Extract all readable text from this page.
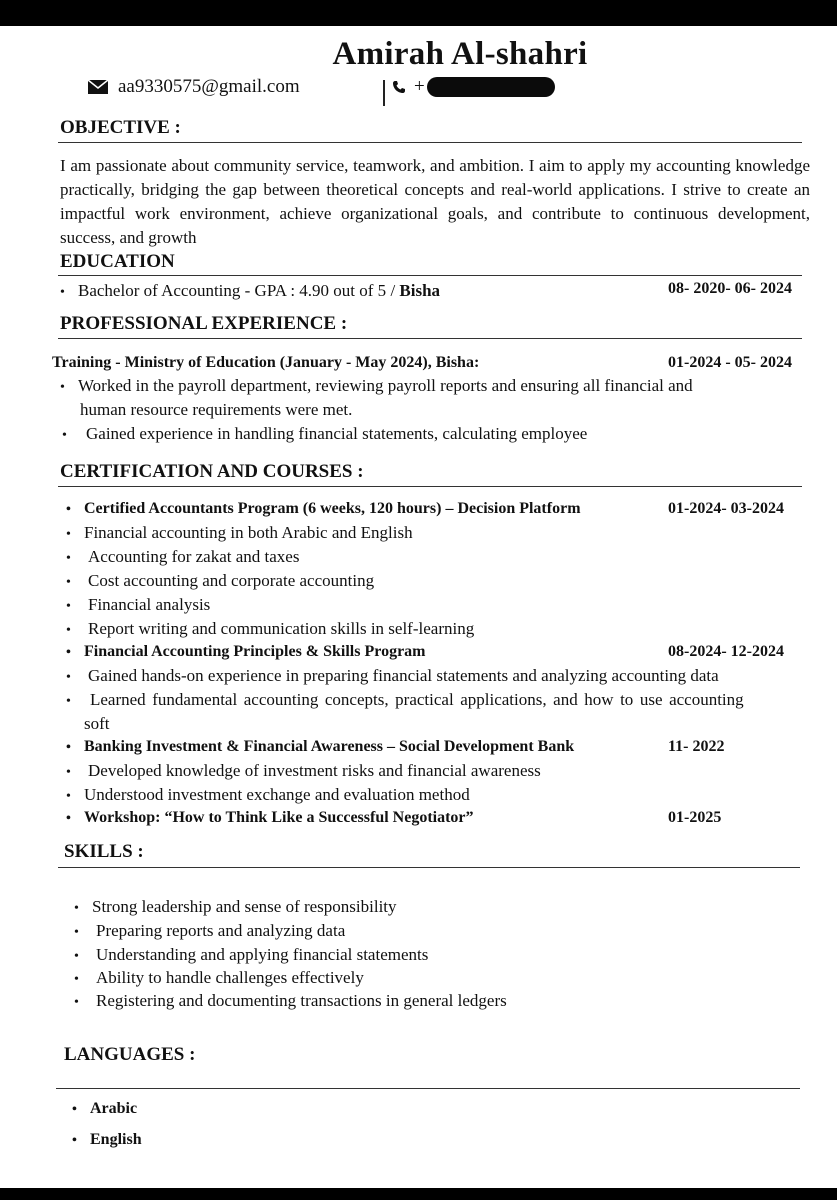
Amirah Al-shahri
aa9330575@gmail.com	+
OBJECTIVE :
I am passionate about community service, teamwork, and ambition. I aim to apply my accounting knowledge practically, bridging the gap between theoretical concepts and real-world applications. I strive to create an impactful work environment, achieve organizational goals, and contribute to continuous development, success, and growth
EDUCATION
• Bachelor of Accounting - GPA : 4.90 out of 5 / Bisha	08- 2020- 06- 2024
PROFESSIONAL EXPERIENCE :
Training - Ministry of Education (January - May 2024), Bisha:	01-2024 - 05- 2024
• Worked in the payroll department, reviewing payroll reports and ensuring all financial and
human resource requirements were met.
• Gained experience in handling financial statements, calculating employee
CERTIFICATION AND COURSES :
• Certified Accountants Program (6 weeks, 120 hours) – Decision Platform	01-2024- 03-2024
• Financial accounting in both Arabic and English
• Accounting for zakat and taxes
• Cost accounting and corporate accounting
• Financial analysis
• Report writing and communication skills in self-learning
• Financial Accounting Principles & Skills Program	08-2024- 12-2024
• Gained hands-on experience in preparing financial statements and analyzing accounting data
• Learned fundamental accounting concepts, practical applications, and how to use accounting
soft
• Banking Investment & Financial Awareness – Social Development Bank	11- 2022
• Developed knowledge of investment risks and financial awareness
• Understood investment exchange and evaluation method
• Workshop: “How to Think Like a Successful Negotiator”	01-2025
SKILLS :
• Strong leadership and sense of responsibility
• Preparing reports and analyzing data
• Understanding and applying financial statements
• Ability to handle challenges effectively
• Registering and documenting transactions in general ledgers
LANGUAGES :
• Arabic
• English
